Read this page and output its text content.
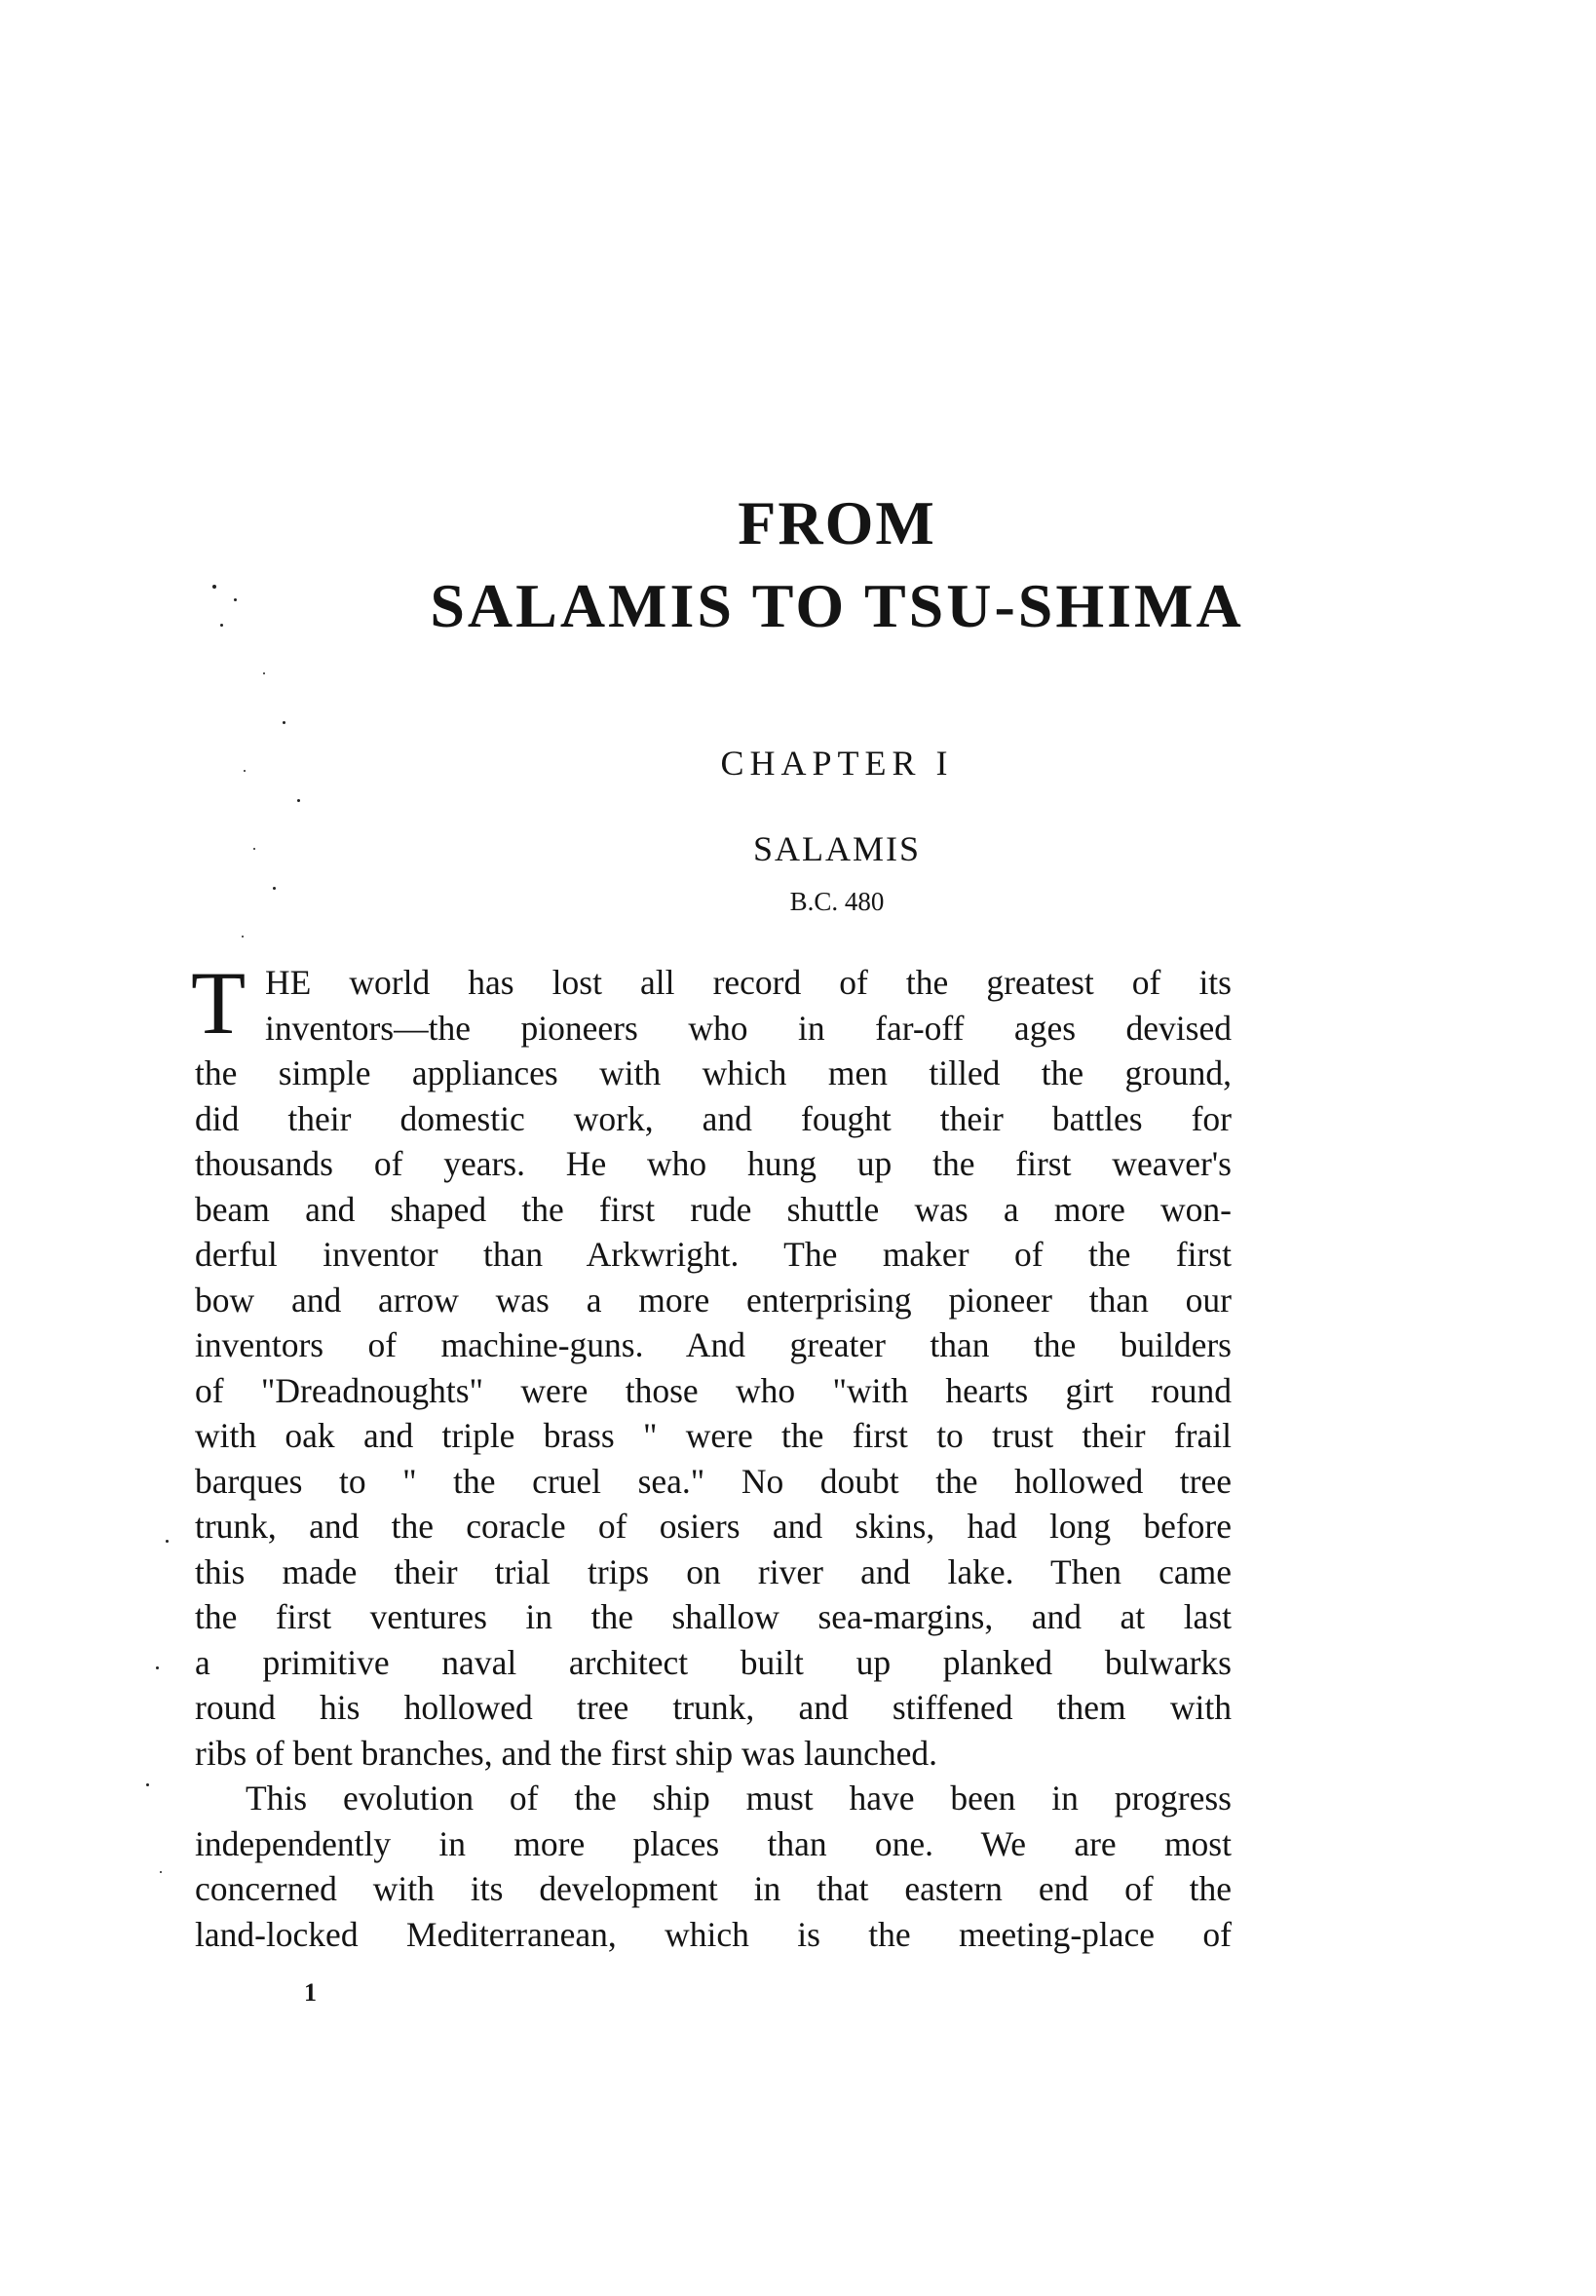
FROM
SALAMIS TO TSU-SHIMA
CHAPTER I
SALAMIS
B.C. 480
T HE world has lost all record of the greatest of its
inventors—the pioneers who in far-off ages devised
the simple appliances with which men tilled the ground,
did their domestic work, and fought their battles for
thousands of years. He who hung up the first weaver's
beam and shaped the first rude shuttle was a more won-
derful inventor than Arkwright. The maker of the first
bow and arrow was a more enterprising pioneer than our
inventors of machine-guns. And greater than the builders
of "Dreadnoughts" were those who "with hearts girt round
with oak and triple brass " were the first to trust their frail
barques to " the cruel sea." No doubt the hollowed tree
trunk, and the coracle of osiers and skins, had long before
this made their trial trips on river and lake. Then came
the first ventures in the shallow sea-margins, and at last
a primitive naval architect built up planked bulwarks
round his hollowed tree trunk, and stiffened them with
ribs of bent branches, and the first ship was launched.
This evolution of the ship must have been in progress
independently in more places than one. We are most
concerned with its development in that eastern end of the
land-locked Mediterranean, which is the meeting-place of
1
